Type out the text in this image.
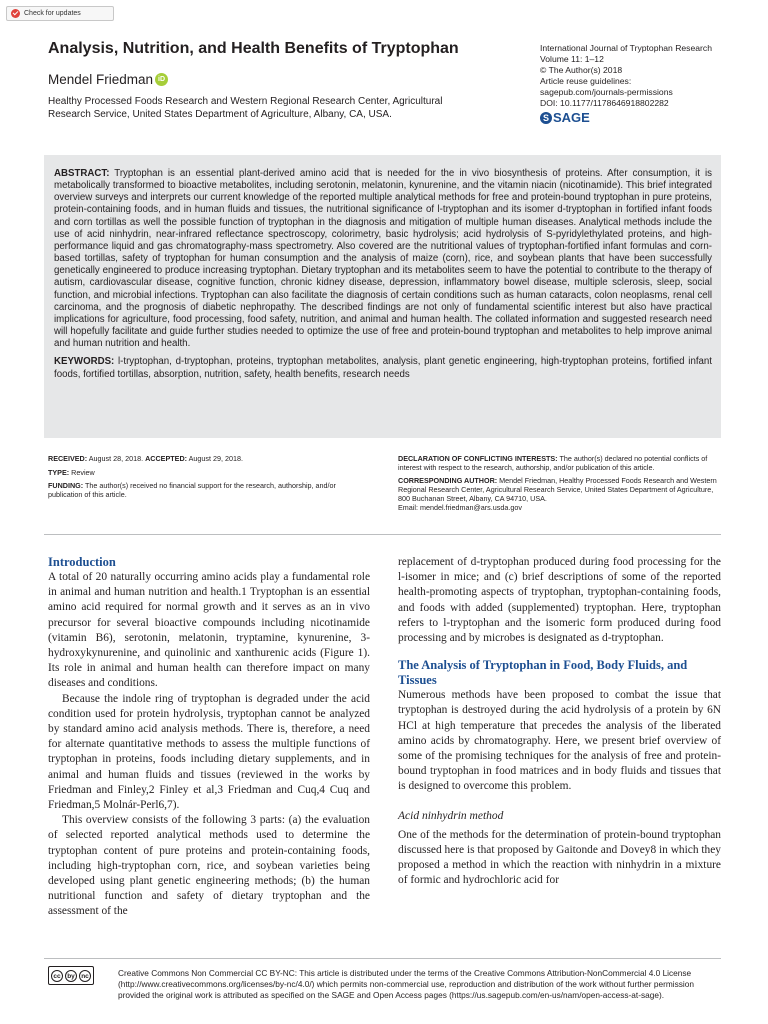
Check for updates
Analysis, Nutrition, and Health Benefits of Tryptophan
Mendel Friedman iD
Healthy Processed Foods Research and Western Regional Research Center, Agricultural Research Service, United States Department of Agriculture, Albany, CA, USA.
International Journal of Tryptophan Research
Volume 11: 1–12
© The Author(s) 2018
Article reuse guidelines:
sagepub.com/journals-permissions
DOI: 10.1177/1178646918802282
S SAGE

ABSTRACT: Tryptophan is an essential plant-derived amino acid that is needed for the in vivo biosynthesis of proteins. After consumption, it is metabolically transformed to bioactive metabolites, including serotonin, melatonin, kynurenine, and the vitamin niacin (nicotinamide). This brief integrated overview surveys and interprets our current knowledge of the reported multiple analytical methods for free and protein-bound tryptophan in pure proteins, protein-containing foods, and in human fluids and tissues, the nutritional significance of l-tryptophan and its isomer d-tryptophan in fortified infant foods and corn tortillas as well the possible function of tryptophan in the diagnosis and mitigation of multiple human diseases. Analytical methods include the use of acid ninhydrin, near-infrared reflectance spectroscopy, colorimetry, basic hydrolysis; acid hydrolysis of S-pyridylethylated proteins, and high-performance liquid and gas chromatography-mass spectrometry. Also covered are the nutritional values of tryptophan-fortified infant formulas and corn-based tortillas, safety of tryptophan for human consumption and the analysis of maize (corn), rice, and soybean plants that have been successfully genetically engineered to produce increasing tryptophan. Dietary tryptophan and its metabolites seem to have the potential to contribute to the therapy of autism, cardiovascular disease, cognitive function, chronic kidney disease, depression, inflammatory bowel disease, multiple sclerosis, sleep, social function, and microbial infections. Tryptophan can also facilitate the diagnosis of certain conditions such as human cataracts, colon neoplasms, renal cell carcinoma, and the prognosis of diabetic nephropathy. The described findings are not only of fundamental scientific interest but also have practical implications for agriculture, food processing, food safety, nutrition, and animal and human health. The collated information and suggested research need will hopefully facilitate and guide further studies needed to optimize the use of free and protein-bound tryptophan and metabolites to help improve animal and human nutrition and health.

KEYWORDS: l-tryptophan, d-tryptophan, proteins, tryptophan metabolites, analysis, plant genetic engineering, high-tryptophan proteins, fortified infant foods, fortified tortillas, absorption, nutrition, safety, health benefits, research needs

RECEIVED: August 28, 2018. ACCEPTED: August 29, 2018.
TYPE: Review
FUNDING: The author(s) received no financial support for the research, authorship, and/or publication of this article.
DECLARATION OF CONFLICTING INTERESTS: The author(s) declared no potential conflicts of interest with respect to the research, authorship, and/or publication of this article.
CORRESPONDING AUTHOR: Mendel Friedman, Healthy Processed Foods Research and Western Regional Research Center, Agricultural Research Service, United States Department of Agriculture, 800 Buchanan Street, Albany, CA 94710, USA.
Email: mendel.friedman@ars.usda.gov
Introduction

A total of 20 naturally occurring amino acids play a fundamental role in animal and human nutrition and health.1 Tryptophan is an essential amino acid required for normal growth and it serves as an in vivo precursor for several bioactive compounds including nicotinamide (vitamin B6), serotonin, melatonin, tryptamine, kynurenine, 3-hydroxykynurenine, and quinolinic and xanthurenic acids (Figure 1). Its role in animal and human health can therefore impact on many diseases and conditions.

Because the indole ring of tryptophan is degraded under the acid condition used for protein hydrolysis, tryptophan cannot be analyzed by standard amino acid analysis methods. There is, therefore, a need for alternate quantitative methods to assess the multiple functions of tryptophan in proteins, foods including dietary supplements, and in animal and human fluids and tissues (reviewed in the works by Friedman and Finley,2 Finley et al,3 Friedman and Cuq,4 Cuq and Friedman,5 Molnár-Perl6,7).

This overview consists of the following 3 parts: (a) the evaluation of selected reported analytical methods used to determine the tryptophan content of pure proteins and protein-containing foods, including high-tryptophan corn, rice, and soybean varieties being developed using plant genetic engineering methods; (b) the human nutritional function and safety of dietary tryptophan and the assessment of the

replacement of d-tryptophan produced during food processing for the l-isomer in mice; and (c) brief descriptions of some of the reported health-promoting aspects of tryptophan, tryptophan-containing foods, and foods with added (supplemented) tryptophan. Here, tryptophan refers to l-tryptophan and the isomeric form produced during food processing and by microbes is designated as d-tryptophan.

The Analysis of Tryptophan in Food, Body Fluids, and Tissues

Numerous methods have been proposed to combat the issue that tryptophan is destroyed during the acid hydrolysis of a protein by 6N HCl at high temperature that precedes the analysis of the liberated amino acids by chromatography. Here, we present brief overview of some of the promising techniques for the analysis of free and protein-bound tryptophan in food matrices and in body fluids and tissues that is designed to overcome this problem.

Acid ninhydrin method

One of the methods for the determination of protein-bound tryptophan discussed here is that proposed by Gaitonde and Dovey8 in which they proposed a method in which the reaction with ninhydrin in a mixture of formic and hydrochloric acid for

cc	by nc	Creative Commons Non Commercial CC BY-NC: This article is distributed under the terms of the Creative Commons Attribution-NonCommercial 4.0 License (http://www.creativecommons.org/licenses/by-nc/4.0/) which permits non-commercial use, reproduction and distribution of the work without further permission provided the original work is attributed as specified on the SAGE and Open Access pages (https://us.sagepub.com/en-us/nam/open-access-at-sage).
